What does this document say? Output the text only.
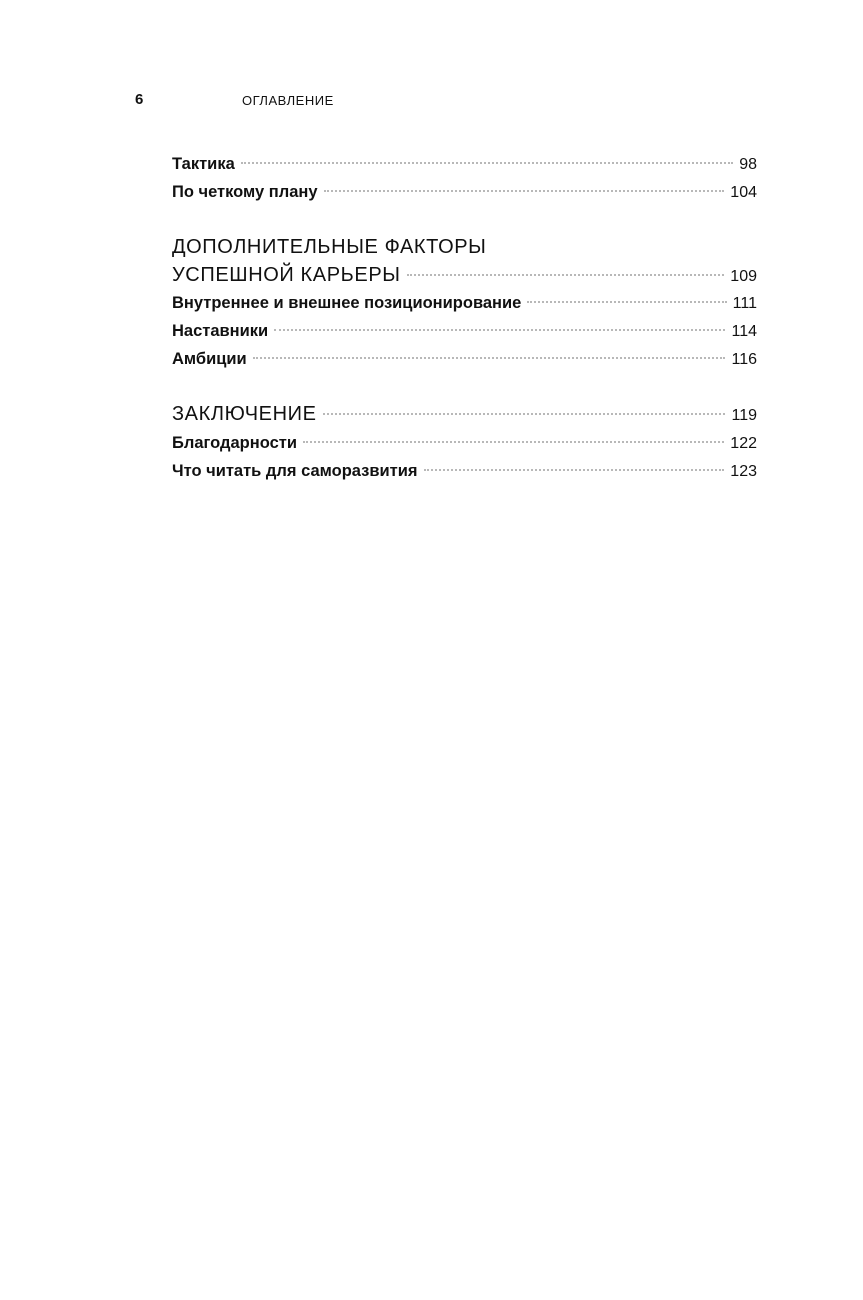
6	ОГЛАВЛЕНИЕ
Тактика	98
По четкому плану	104
ДОПОЛНИТЕЛЬНЫЕ ФАКТОРЫ
УСПЕШНОЙ КАРЬЕРЫ	109
Внутреннее и внешнее позиционирование	111
Наставники	114
Амбиции	116
ЗАКЛЮЧЕНИЕ	119
Благодарности	122
Что читать для саморазвития	123
